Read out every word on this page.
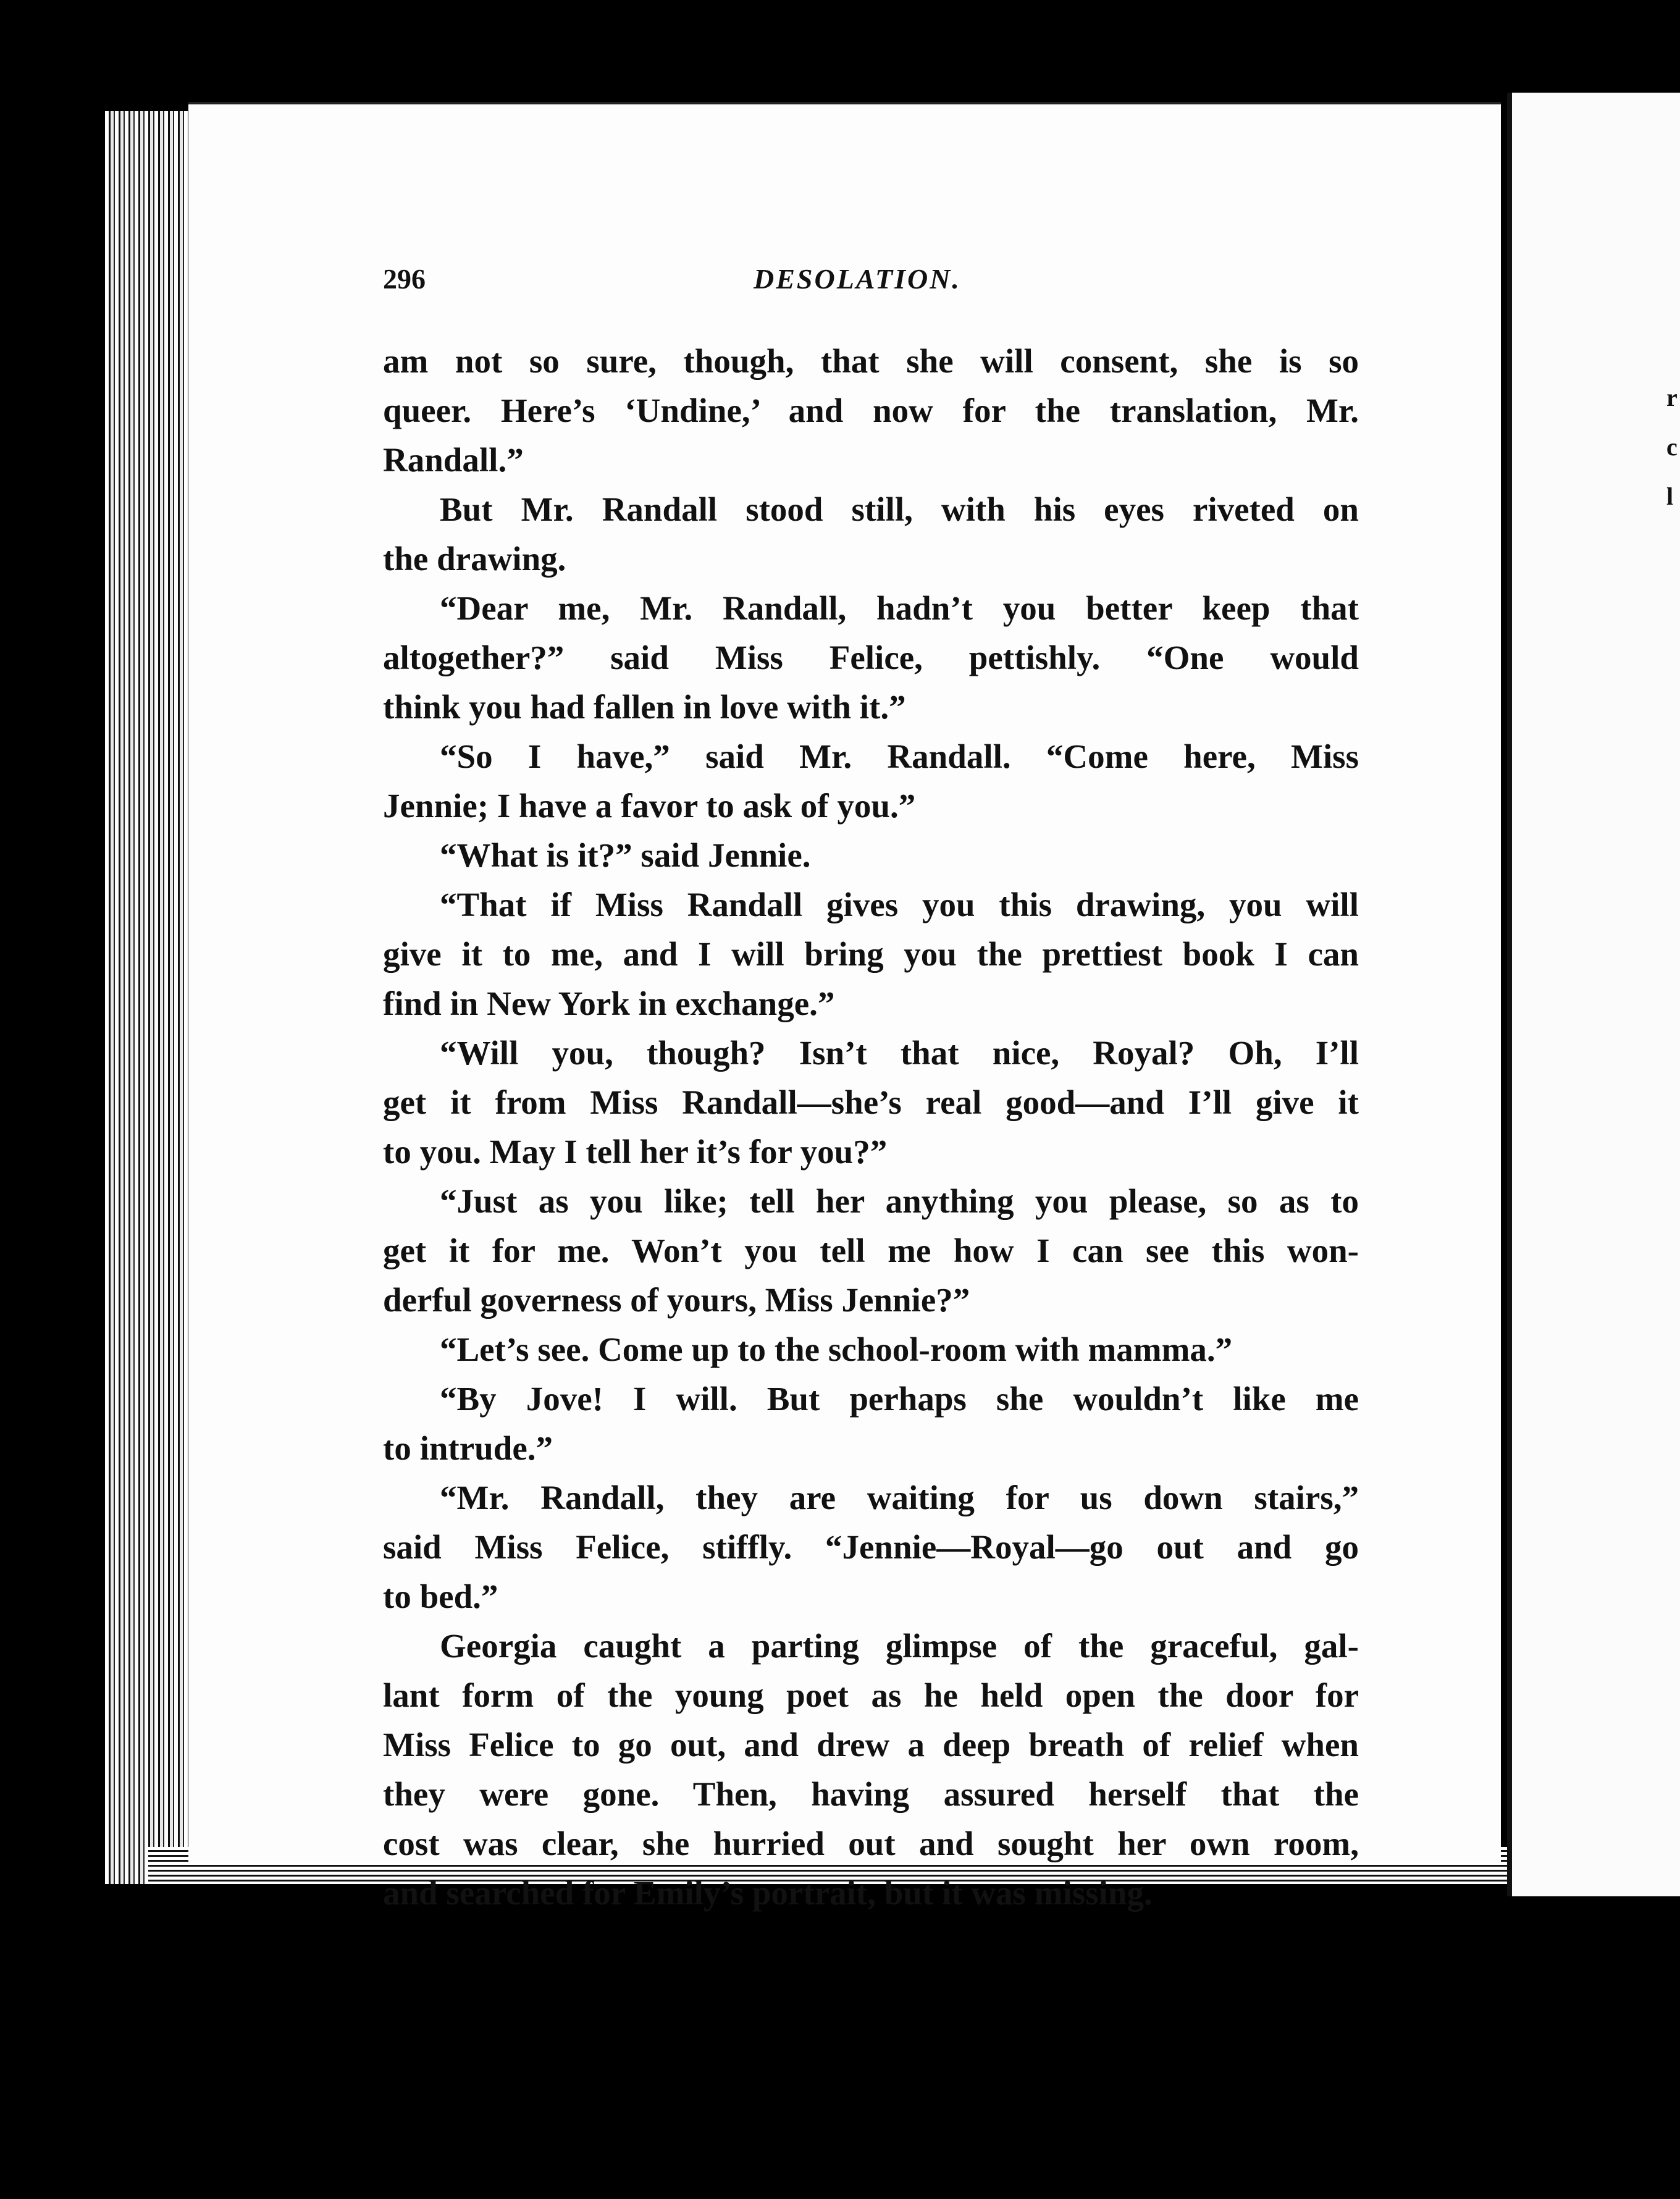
r
c
l
296	DESOLATION.
am not so sure, though, that she will consent, she is so
queer. Here’s ‘Undine,’ and now for the translation, Mr.
Randall.”
But Mr. Randall stood still, with his eyes riveted on
the drawing.
“Dear me, Mr. Randall, hadn’t you better keep that
altogether?” said Miss Felice, pettishly. “One would
think you had fallen in love with it.”
“So I have,” said Mr. Randall. “Come here, Miss
Jennie; I have a favor to ask of you.”
“What is it?” said Jennie.
“That if Miss Randall gives you this drawing, you will
give it to me, and I will bring you the prettiest book I can
find in New York in exchange.”
“Will you, though? Isn’t that nice, Royal? Oh, I’ll
get it from Miss Randall—she’s real good—and I’ll give it
to you. May I tell her it’s for you?”
“Just as you like; tell her anything you please, so as to
get it for me. Won’t you tell me how I can see this won-
derful governess of yours, Miss Jennie?”
“Let’s see. Come up to the school-room with mamma.”
“By Jove! I will. But perhaps she wouldn’t like me
to intrude.”
“Mr. Randall, they are waiting for us down stairs,”
said Miss Felice, stiffly. “Jennie—Royal—go out and go
to bed.”
Georgia caught a parting glimpse of the graceful, gal-
lant form of the young poet as he held open the door for
Miss Felice to go out, and drew a deep breath of relief when
they were gone. Then, having assured herself that the
cost was clear, she hurried out and sought her own room,
and searched for Emily’s portrait, but it was missing.
